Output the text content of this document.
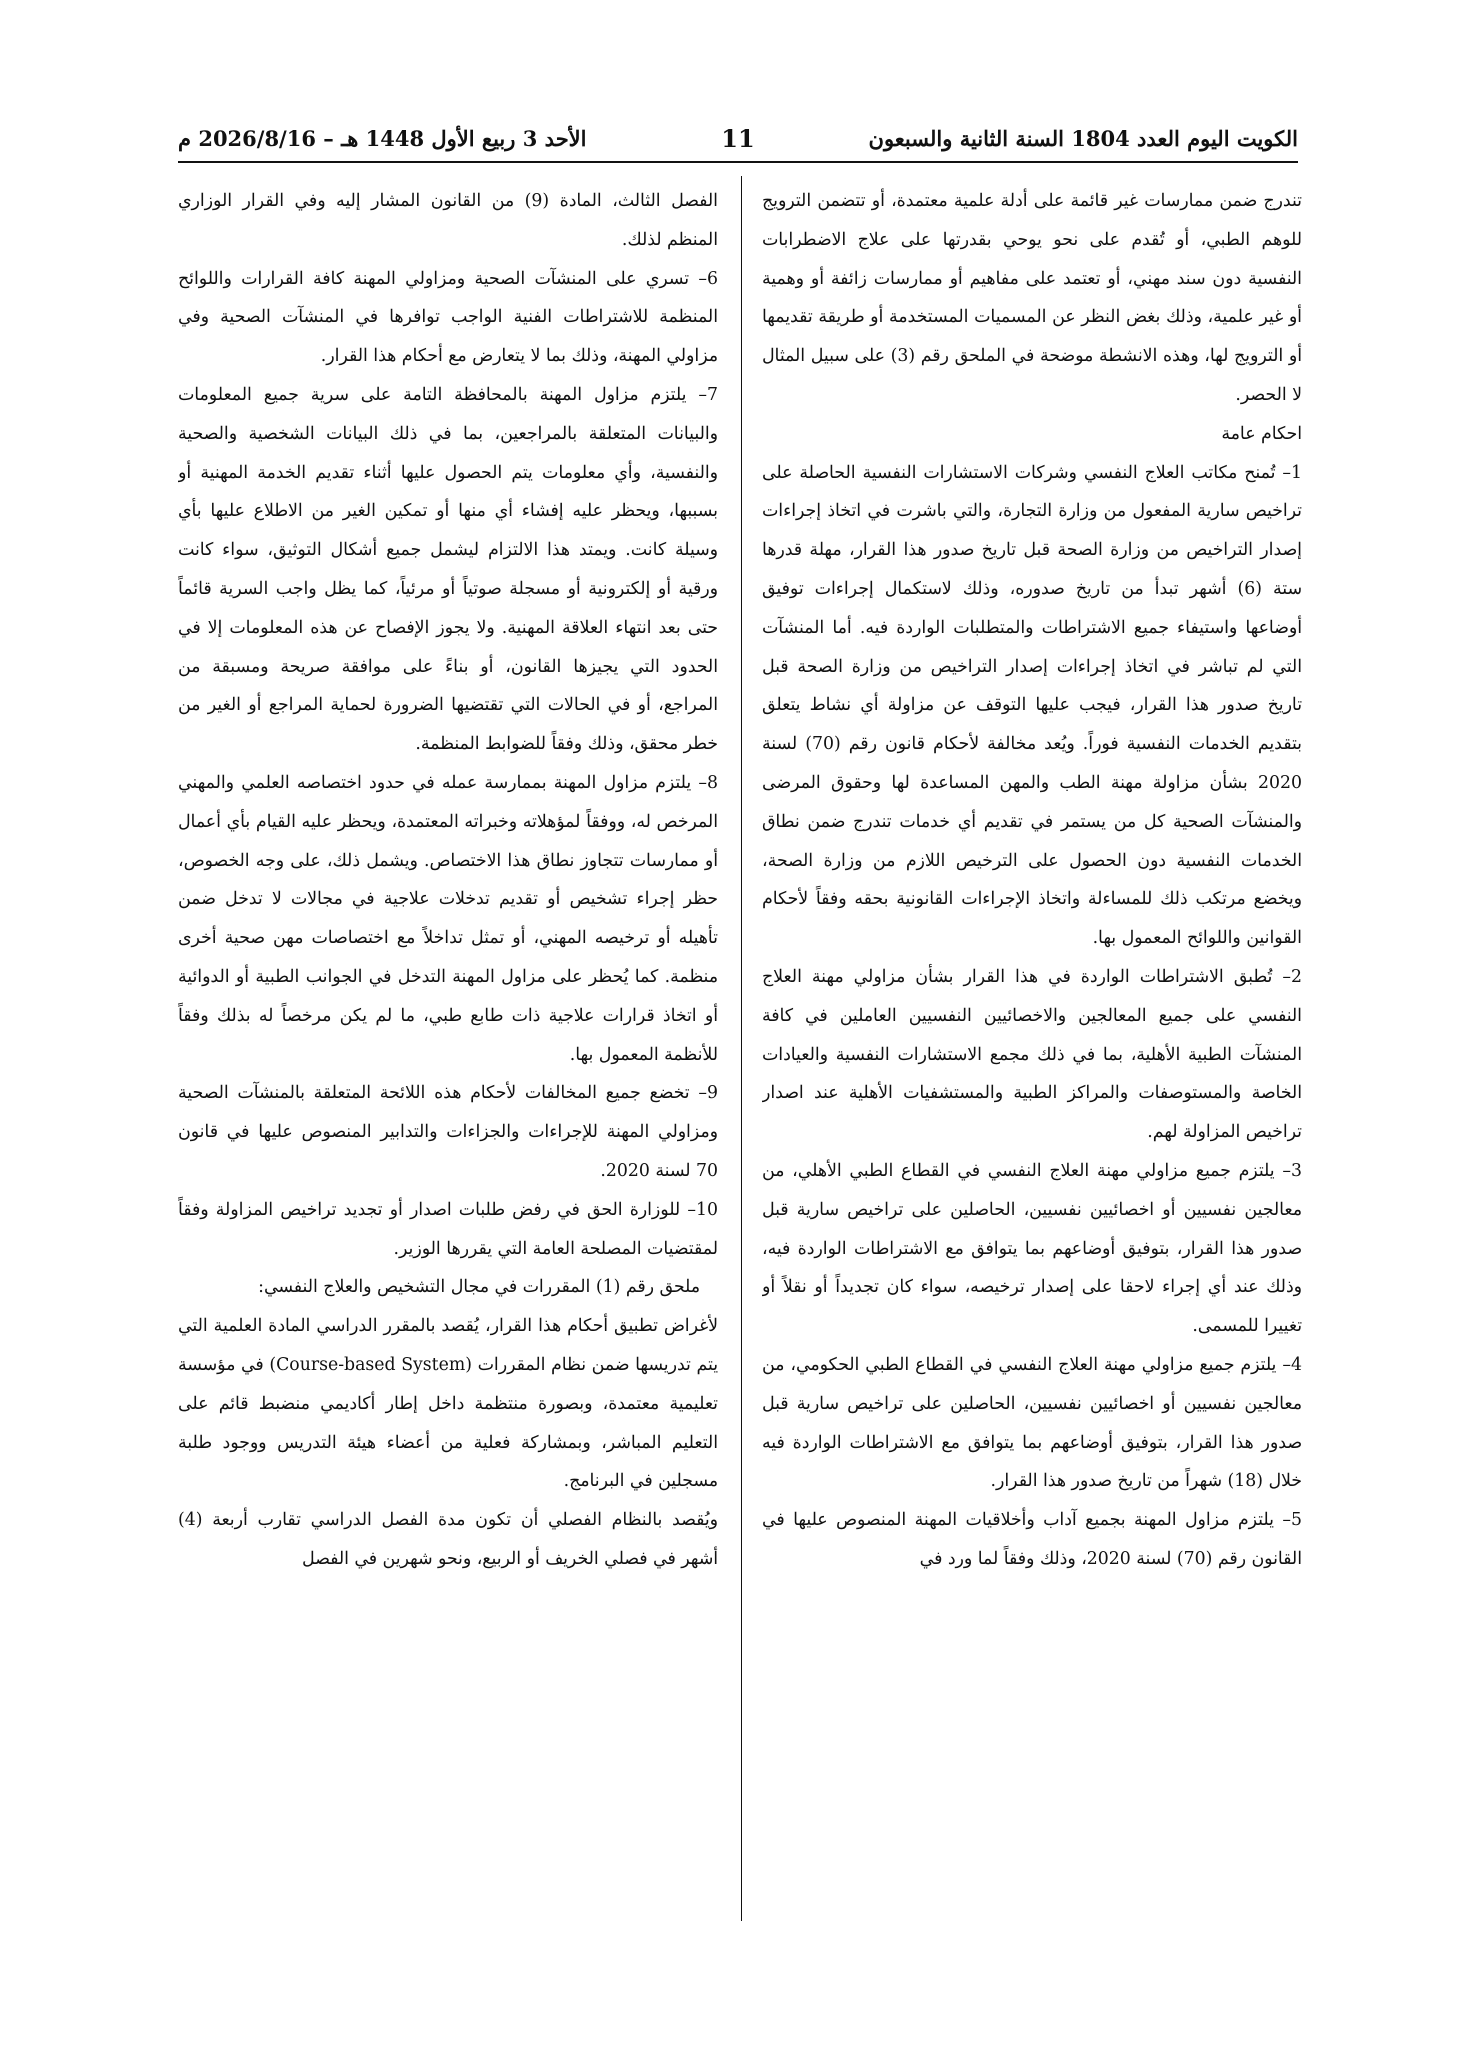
الكويت اليوم العدد 1804 السنة الثانية والسبعون
11
الأحد 3 ربيع الأول 1448 هـ – 2026/8/16 م

تندرج ضمن ممارسات غير قائمة على أدلة علمية معتمدة، أو تتضمن الترويج للوهم الطبي، أو تُقدم على نحو يوحي بقدرتها على علاج الاضطرابات النفسية دون سند مهني، أو تعتمد على مفاهيم أو ممارسات زائفة أو وهمية أو غير علمية، وذلك بغض النظر عن المسميات المستخدمة أو طريقة تقديمها أو الترويج لها، وهذه الانشطة موضحة في الملحق رقم (3) على سبيل المثال لا الحصر.

احكام عامة

1– تُمنح مكاتب العلاج النفسي وشركات الاستشارات النفسية الحاصلة على تراخيص سارية المفعول من وزارة التجارة، والتي باشرت في اتخاذ إجراءات إصدار التراخيص من وزارة الصحة قبل تاريخ صدور هذا القرار، مهلة قدرها ستة (6) أشهر تبدأ من تاريخ صدوره، وذلك لاستكمال إجراءات توفيق أوضاعها واستيفاء جميع الاشتراطات والمتطلبات الواردة فيه. أما المنشآت التي لم تباشر في اتخاذ إجراءات إصدار التراخيص من وزارة الصحة قبل تاريخ صدور هذا القرار، فيجب عليها التوقف عن مزاولة أي نشاط يتعلق بتقديم الخدمات النفسية فوراً. ويُعد مخالفة لأحكام قانون رقم (70) لسنة 2020 بشأن مزاولة مهنة الطب والمهن المساعدة لها وحقوق المرضى والمنشآت الصحية كل من يستمر في تقديم أي خدمات تندرج ضمن نطاق الخدمات النفسية دون الحصول على الترخيص اللازم من وزارة الصحة، ويخضع مرتكب ذلك للمساءلة واتخاذ الإجراءات القانونية بحقه وفقاً لأحكام القوانين واللوائح المعمول بها.

2– تُطبق الاشتراطات الواردة في هذا القرار بشأن مزاولي مهنة العلاج النفسي على جميع المعالجين والاخصائيين النفسيين العاملين في كافة المنشآت الطبية الأهلية، بما في ذلك مجمع الاستشارات النفسية والعيادات الخاصة والمستوصفات والمراكز الطبية والمستشفيات الأهلية عند اصدار تراخيص المزاولة لهم.

3– يلتزم جميع مزاولي مهنة العلاج النفسي في القطاع الطبي الأهلي، من معالجين نفسيين أو اخصائيين نفسيين، الحاصلين على تراخيص سارية قبل صدور هذا القرار، بتوفيق أوضاعهم بما يتوافق مع الاشتراطات الواردة فيه، وذلك عند أي إجراء لاحقا على إصدار ترخيصه، سواء كان تجديداً أو نقلاً أو تغييرا للمسمى.

4– يلتزم جميع مزاولي مهنة العلاج النفسي في القطاع الطبي الحكومي، من معالجين نفسيين أو اخصائيين نفسيين، الحاصلين على تراخيص سارية قبل صدور هذا القرار، بتوفيق أوضاعهم بما يتوافق مع الاشتراطات الواردة فيه خلال (18) شهراً من تاريخ صدور هذا القرار.

5– يلتزم مزاول المهنة بجميع آداب وأخلاقيات المهنة المنصوص عليها في القانون رقم (70) لسنة 2020، وذلك وفقاً لما ورد في

الفصل الثالث، المادة (9) من القانون المشار إليه وفي القرار الوزاري المنظم لذلك.

6– تسري على المنشآت الصحية ومزاولي المهنة كافة القرارات واللوائح المنظمة للاشتراطات الفنية الواجب توافرها في المنشآت الصحية وفي مزاولي المهنة، وذلك بما لا يتعارض مع أحكام هذا القرار.

7– يلتزم مزاول المهنة بالمحافظة التامة على سرية جميع المعلومات والبيانات المتعلقة بالمراجعين، بما في ذلك البيانات الشخصية والصحية والنفسية، وأي معلومات يتم الحصول عليها أثناء تقديم الخدمة المهنية أو بسببها، ويحظر عليه إفشاء أي منها أو تمكين الغير من الاطلاع عليها بأي وسيلة كانت. ويمتد هذا الالتزام ليشمل جميع أشكال التوثيق، سواء كانت ورقية أو إلكترونية أو مسجلة صوتياً أو مرئياً، كما يظل واجب السرية قائماً حتى بعد انتهاء العلاقة المهنية. ولا يجوز الإفصاح عن هذه المعلومات إلا في الحدود التي يجيزها القانون، أو بناءً على موافقة صريحة ومسبقة من المراجع، أو في الحالات التي تقتضيها الضرورة لحماية المراجع أو الغير من خطر محقق، وذلك وفقاً للضوابط المنظمة.

8– يلتزم مزاول المهنة بممارسة عمله في حدود اختصاصه العلمي والمهني المرخص له، ووفقاً لمؤهلاته وخبراته المعتمدة، ويحظر عليه القيام بأي أعمال أو ممارسات تتجاوز نطاق هذا الاختصاص. ويشمل ذلك، على وجه الخصوص، حظر إجراء تشخيص أو تقديم تدخلات علاجية في مجالات لا تدخل ضمن تأهيله أو ترخيصه المهني، أو تمثل تداخلاً مع اختصاصات مهن صحية أخرى منظمة. كما يُحظر على مزاول المهنة التدخل في الجوانب الطبية أو الدوائية أو اتخاذ قرارات علاجية ذات طابع طبي، ما لم يكن مرخصاً له بذلك وفقاً للأنظمة المعمول بها.

9– تخضع جميع المخالفات لأحكام هذه اللائحة المتعلقة بالمنشآت الصحية ومزاولي المهنة للإجراءات والجزاءات والتدابير المنصوص عليها في قانون 70 لسنة 2020.

10– للوزارة الحق في رفض طلبات اصدار أو تجديد تراخيص المزاولة وفقاً لمقتضيات المصلحة العامة التي يقررها الوزير.

ملحق رقم (1) المقررات في مجال التشخيص والعلاج النفسي:

لأغراض تطبيق أحكام هذا القرار، يُقصد بالمقرر الدراسي المادة العلمية التي يتم تدريسها ضمن نظام المقررات (Course-based System) في مؤسسة تعليمية معتمدة، وبصورة منتظمة داخل إطار أكاديمي منضبط قائم على التعليم المباشر، وبمشاركة فعلية من أعضاء هيئة التدريس ووجود طلبة مسجلين في البرنامج.

ويُقصد بالنظام الفصلي أن تكون مدة الفصل الدراسي تقارب أربعة (4) أشهر في فصلي الخريف أو الربيع، ونحو شهرين في الفصل
